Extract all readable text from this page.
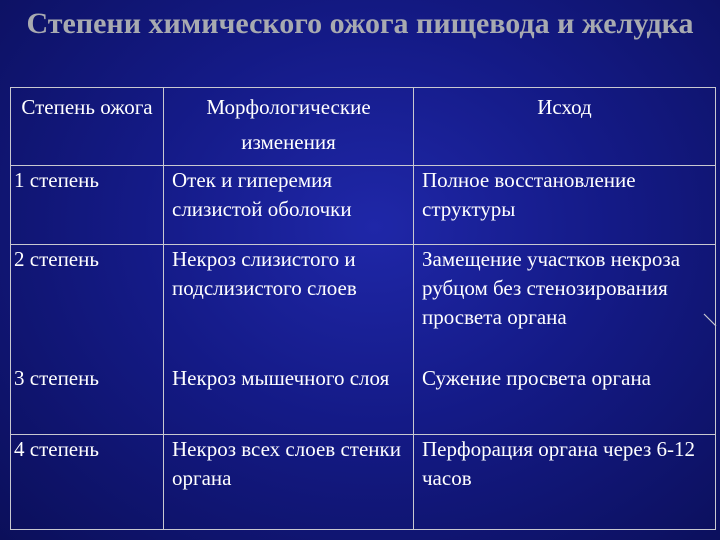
Степени химического ожога пищевода и желудка
Степень ожога	Морфологические изменения	Исход
1 степень	Отек и гиперемия слизистой оболочки	Полное восстановление структуры
2 степень	Некроз слизистого и подслизистого слоев	Замещение участков некроза рубцом без стенозирования просвета органа
3 степень	Некроз мышечного слоя	Сужение просвета органа
4 степень	Некроз всех слоев стенки органа	Перфорация органа через 6-12 часов
